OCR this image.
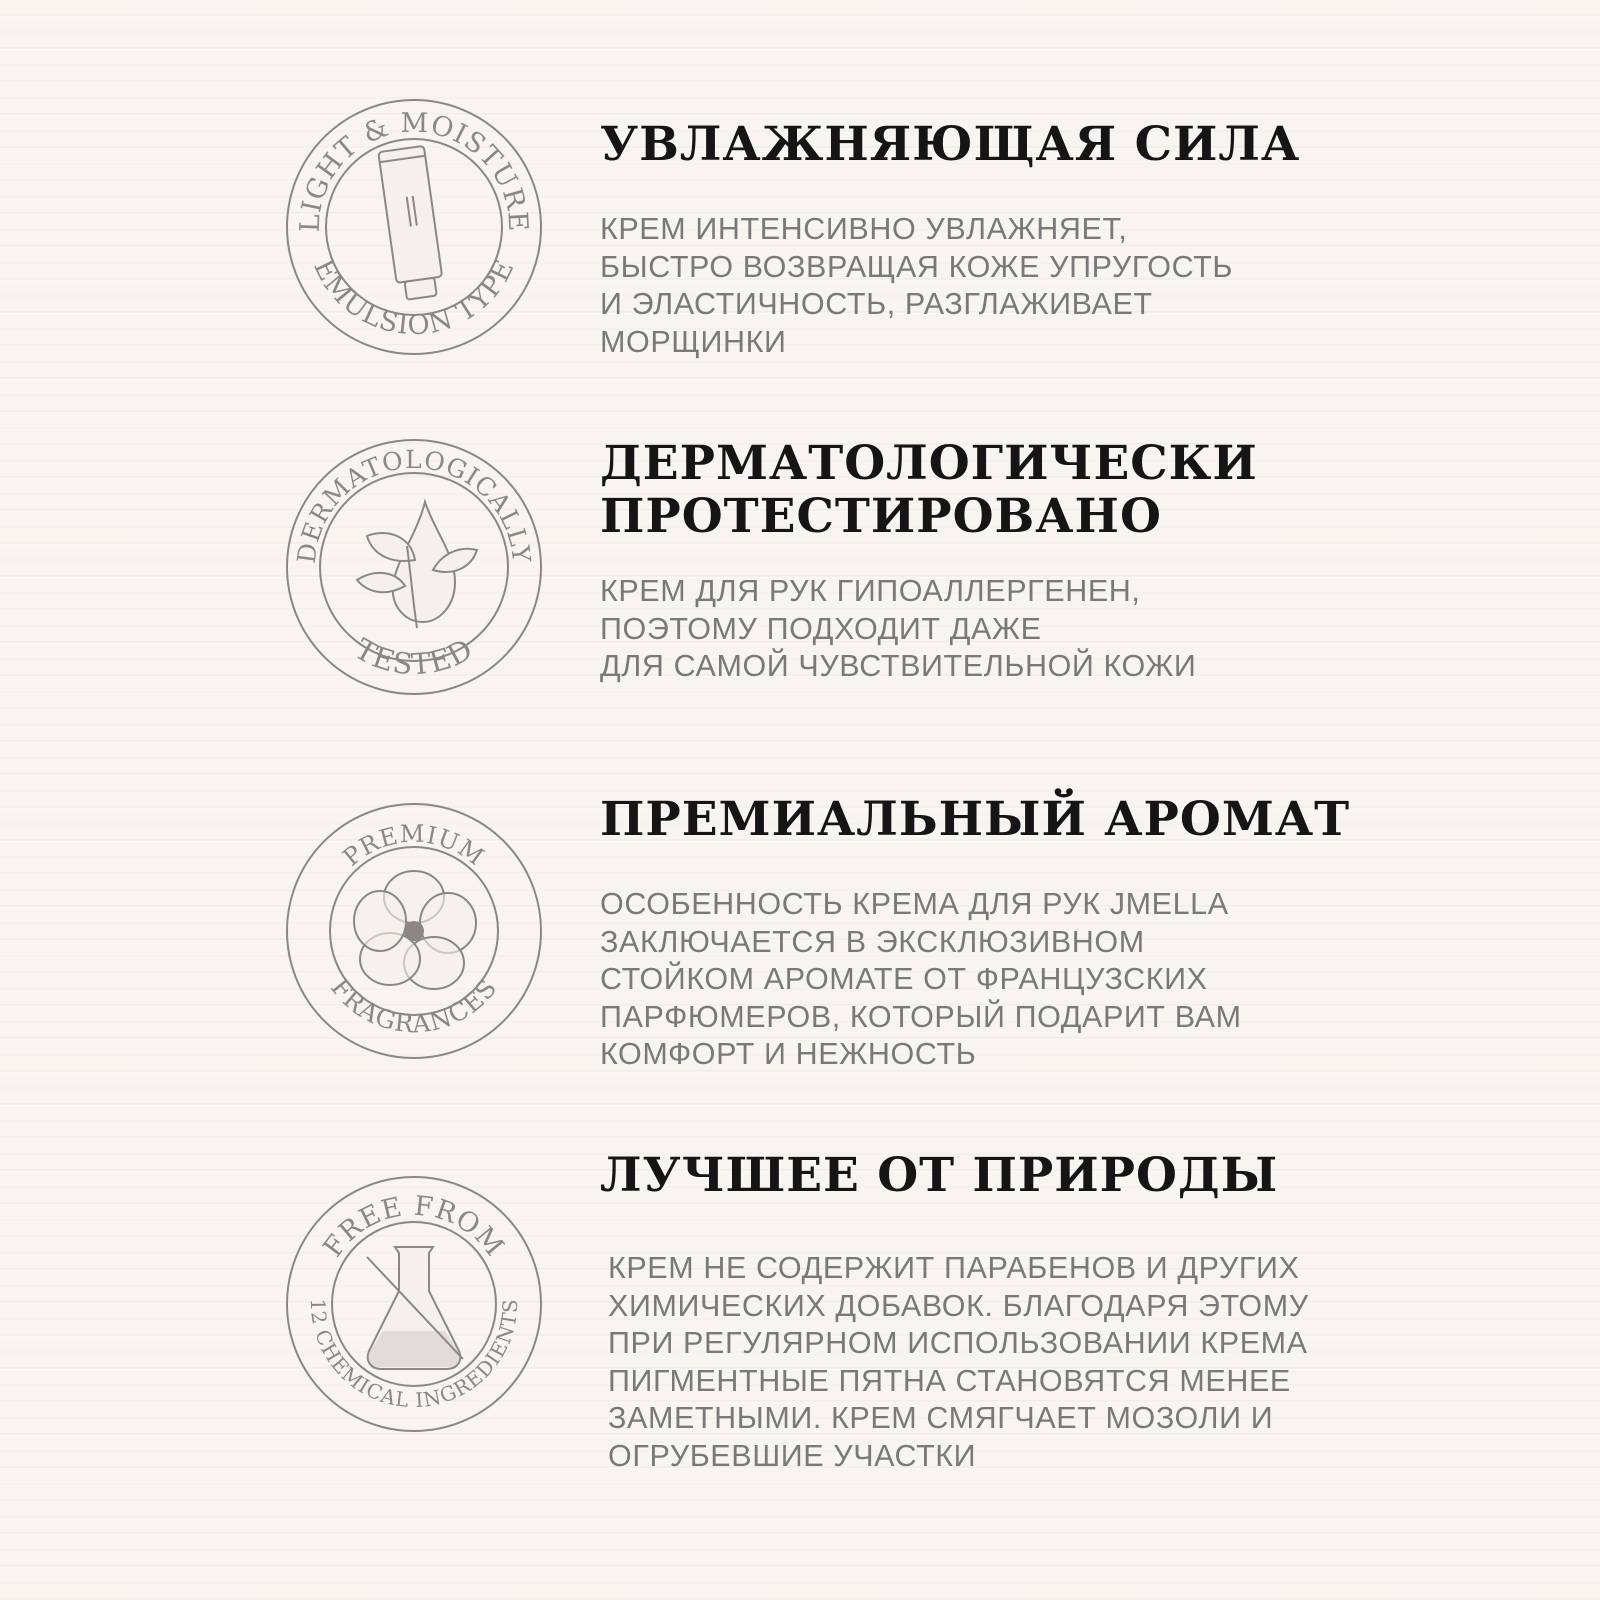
LIGHT & MOISTURE
EMULSION TYPE
УВЛАЖНЯЮЩАЯ СИЛА

КРЕМ ИНТЕНСИВНО УВЛАЖНЯЕТ,
БЫСТРО ВОЗВРАЩАЯ КОЖЕ УПРУГОСТЬ
И ЭЛАСТИЧНОСТЬ, РАЗГЛАЖИВАЕТ
МОРЩИНКИ

DERMATOLOGICALLY
TESTED
ДЕРМАТОЛОГИЧЕСКИ
ПРОТЕСТИРОВАНО

КРЕМ ДЛЯ РУК ГИПОАЛЛЕРГЕНЕН,
ПОЭТОМУ ПОДХОДИТ ДАЖЕ
ДЛЯ САМОЙ ЧУВСТВИТЕЛЬНОЙ КОЖИ

PREMIUM
FRAGRANCES
ПРЕМИАЛЬНЫЙ АРОМАТ

ОСОБЕННОСТЬ КРЕМА ДЛЯ РУК JMELLA
ЗАКЛЮЧАЕТСЯ В ЭКСКЛЮЗИВНОМ
СТОЙКОМ АРОМАТЕ ОТ ФРАНЦУЗСКИХ
ПАРФЮМЕРОВ, КОТОРЫЙ ПОДАРИТ ВАМ
КОМФОРТ И НЕЖНОСТЬ

FREE FROM
12 CHEMICAL INGREDIENTS
ЛУЧШЕЕ ОТ ПРИРОДЫ

КРЕМ НЕ СОДЕРЖИТ ПАРАБЕНОВ И ДРУГИХ
ХИМИЧЕСКИХ ДОБАВОК. БЛАГОДАРЯ ЭТОМУ
ПРИ РЕГУЛЯРНОМ ИСПОЛЬЗОВАНИИ КРЕМА
ПИГМЕНТНЫЕ ПЯТНА СТАНОВЯТСЯ МЕНЕЕ
ЗАМЕТНЫМИ. КРЕМ СМЯГЧАЕТ МОЗОЛИ И
ОГРУБЕВШИЕ УЧАСТКИ
